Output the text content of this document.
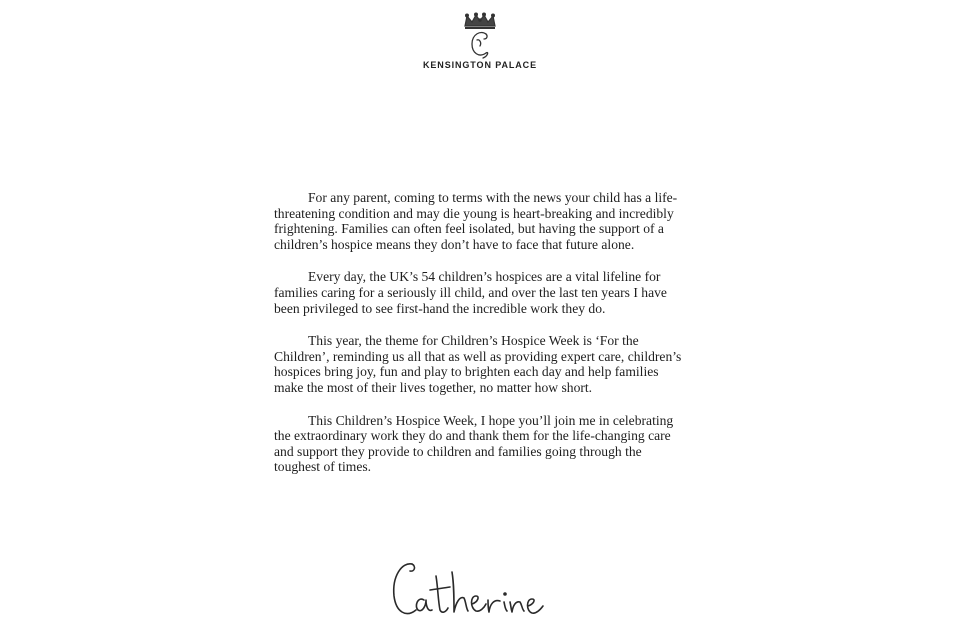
KENSINGTON PALACE

For any parent, coming to terms with the news your child has a life-threatening condition and may die young is heart-breaking and incredibly frightening. Families can often feel isolated, but having the support of a children’s hospice means they don’t have to face that future alone.

Every day, the UK’s 54 children’s hospices are a vital lifeline for families caring for a seriously ill child, and over the last ten years I have been privileged to see first-hand the incredible work they do.

This year, the theme for Children’s Hospice Week is ‘For the Children’, reminding us all that as well as providing expert care, children’s hospices bring joy, fun and play to brighten each day and help families make the most of their lives together, no matter how short.

This Children’s Hospice Week, I hope you’ll join me in celebrating the extraordinary work they do and thank them for the life-changing care and support they provide to children and families going through the toughest of times.
